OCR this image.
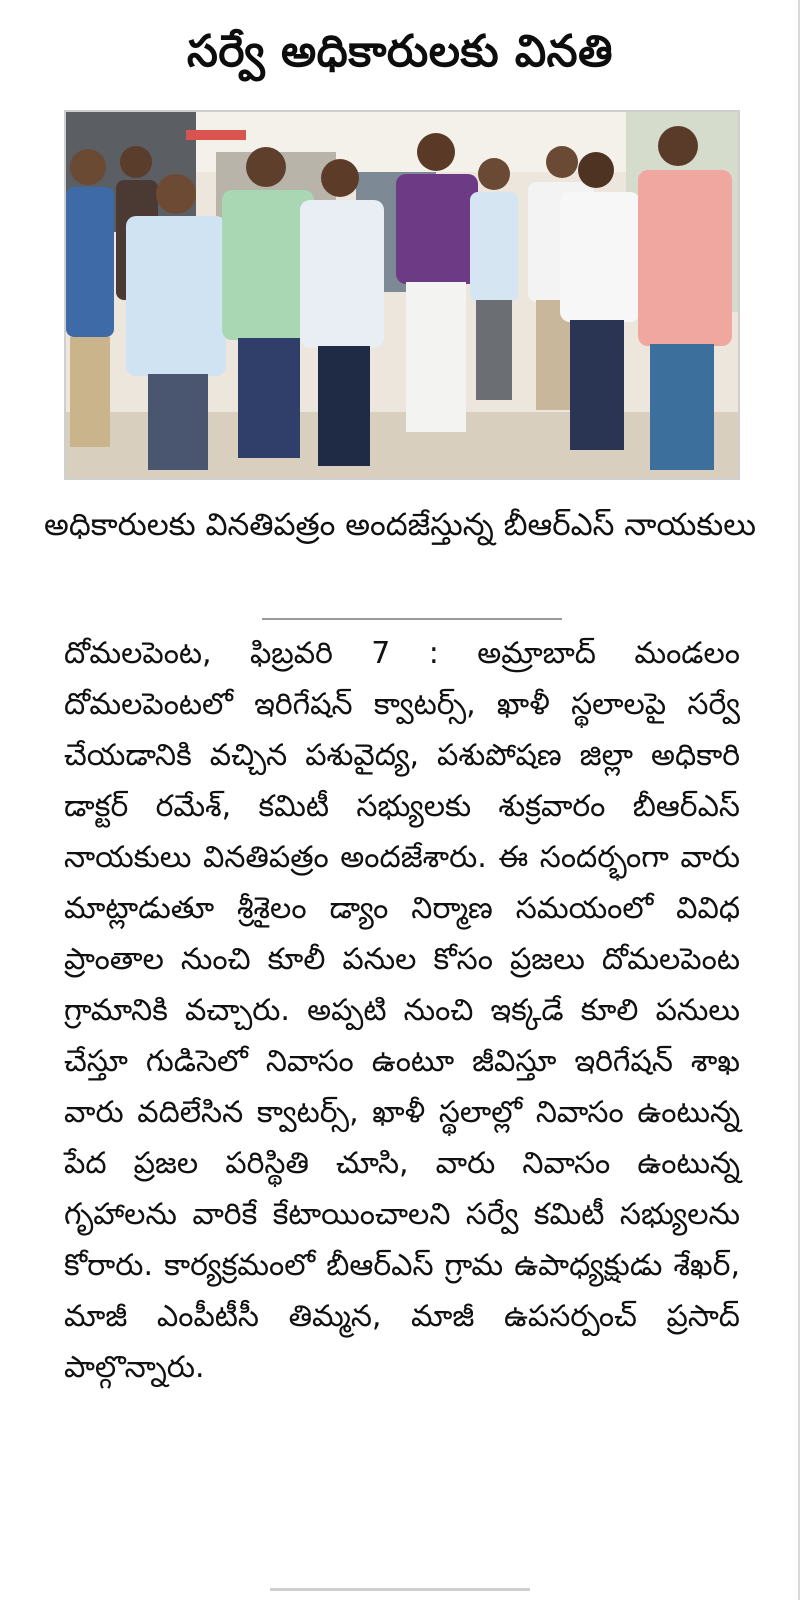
సర్వే అధికారులకు వినతి
అధికారులకు వినతిపత్రం అందజేస్తున్న బీఆర్‌ఎస్ నాయకులు
దోమలపెంట, ఫిబ్రవరి 7 : అమ్రాబాద్ మండలం దోమలపెంటలో ఇరిగేషన్ క్వాటర్స్, ఖాళీ స్థలాలపై సర్వే చేయడానికి వచ్చిన పశువైద్య, పశుపోషణ జిల్లా అధికారి డాక్టర్ రమేశ్, కమిటీ సభ్యులకు శుక్రవారం బీఆర్‌ఎస్ నాయకులు వినతిపత్రం అందజేశారు. ఈ సందర్భంగా వారు మాట్లాడుతూ శ్రీశైలం డ్యాం నిర్మాణ సమయంలో వివిధ ప్రాంతాల నుంచి కూలీ పనుల కోసం ప్రజలు దోమలపెంట గ్రామానికి వచ్చారు. అప్పటి నుంచి ఇక్కడే కూలి పనులు చేస్తూ గుడిసెలో నివాసం ఉంటూ జీవిస్తూ ఇరిగేషన్ శాఖ వారు వదిలేసిన క్వాటర్స్, ఖాళీ స్థలాల్లో నివాసం ఉంటున్న పేద ప్రజల పరిస్థితి చూసి, వారు నివాసం ఉంటున్న గృహాలను వారికే కేటాయించాలని సర్వే కమిటీ సభ్యులను కోరారు. కార్యక్రమంలో బీఆర్‌ఎస్ గ్రామ ఉపాధ్యక్షుడు శేఖర్, మాజీ ఎంపీటీసీ తిమ్మన, మాజీ ఉపసర్పంచ్ ప్రసాద్ పాల్గొన్నారు.
